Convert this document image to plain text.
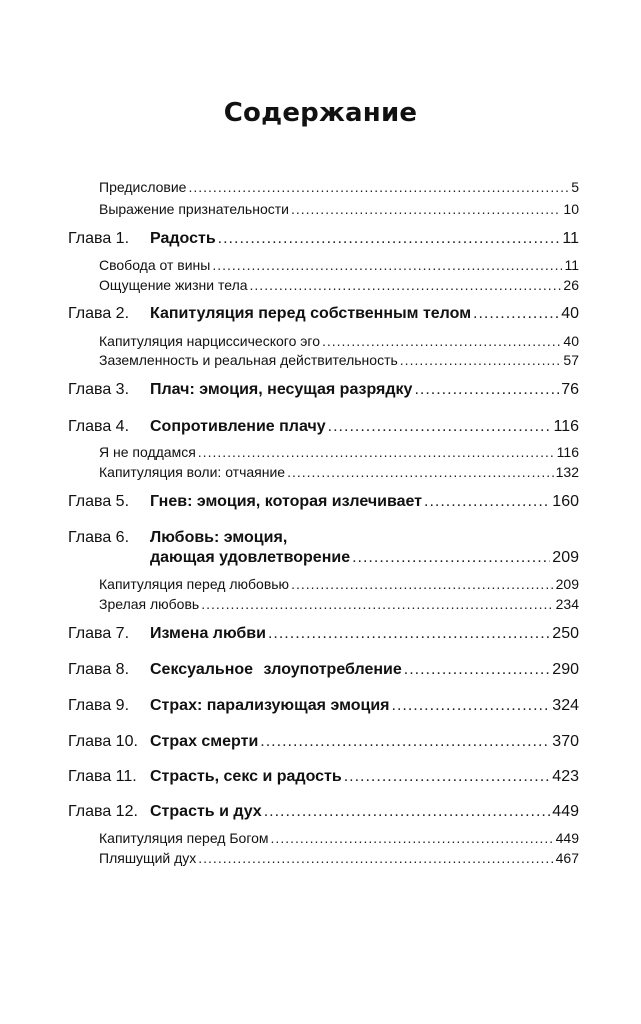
Содержание
Предисловие .....	5
Выражение признательности .....	10
Глава 1.	Радость .....	11
Свобода от вины .....	11
Ощущение жизни тела .....	26
Глава 2.	Капитуляция перед собственным телом .....	40
Капитуляция нарциссического эго .....	40
Заземленность и реальная действительность .....	57
Глава 3.	Плач: эмоция, несущая разрядку .....	76
Глава 4.	Сопротивление плачу .....	116
Я не поддамся .....	116
Капитуляция воли: отчаяние .....	132
Глава 5.	Гнев: эмоция, которая излечивает .....	160
Глава 6.	Любовь: эмоция,
дающая удовлетворение .....	209
Капитуляция перед любовью .....	209
Зрелая любовь .....	234
Глава 7.	Измена любви .....	250
Глава 8.	Сексуальное злоупотребление .....	290
Глава 9.	Страх: парализующая эмоция .....	324
Глава 10. Страх смерти .....	370
Глава 11. Страсть, секс и радость .....	423
Глава 12. Страсть и дух .....	449
Капитуляция перед Богом .....	449
Пляшущий дух .....	467
